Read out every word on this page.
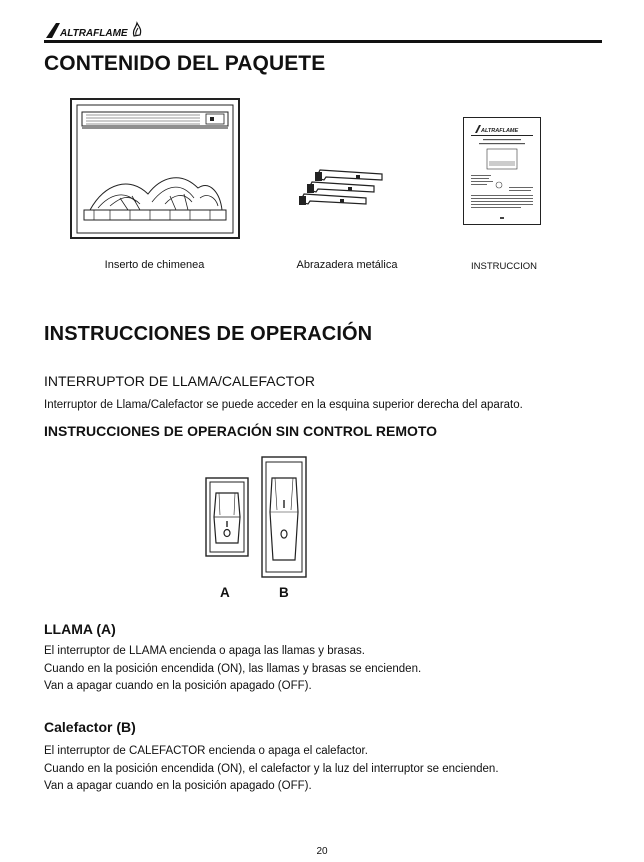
ALTRAFLAME
CONTENIDO DEL PAQUETE
ALTRAFLAME
Inserto de chimenea	Abrazadera metálica	INSTRUCCION
INSTRUCCIONES DE OPERACIÓN
INTERRUPTOR DE LLAMA/CALEFACTOR
Interruptor de Llama/Calefactor se puede acceder en la esquina superior derecha del aparato.
INSTRUCCIONES DE OPERACIÓN SIN CONTROL REMOTO
A	B
LLAMA (A)
El interruptor de LLAMA encienda o apaga las llamas y brasas.
Cuando en la posición encendida (ON), las llamas y brasas se encienden.
Van a apagar cuando en la posición apagado (OFF).
Calefactor (B)
El interruptor de CALEFACTOR encienda o apaga el calefactor.
Cuando en la posición encendida (ON), el calefactor y la luz del interruptor se encienden.
Van a apagar cuando en la posición apagado (OFF).
20
